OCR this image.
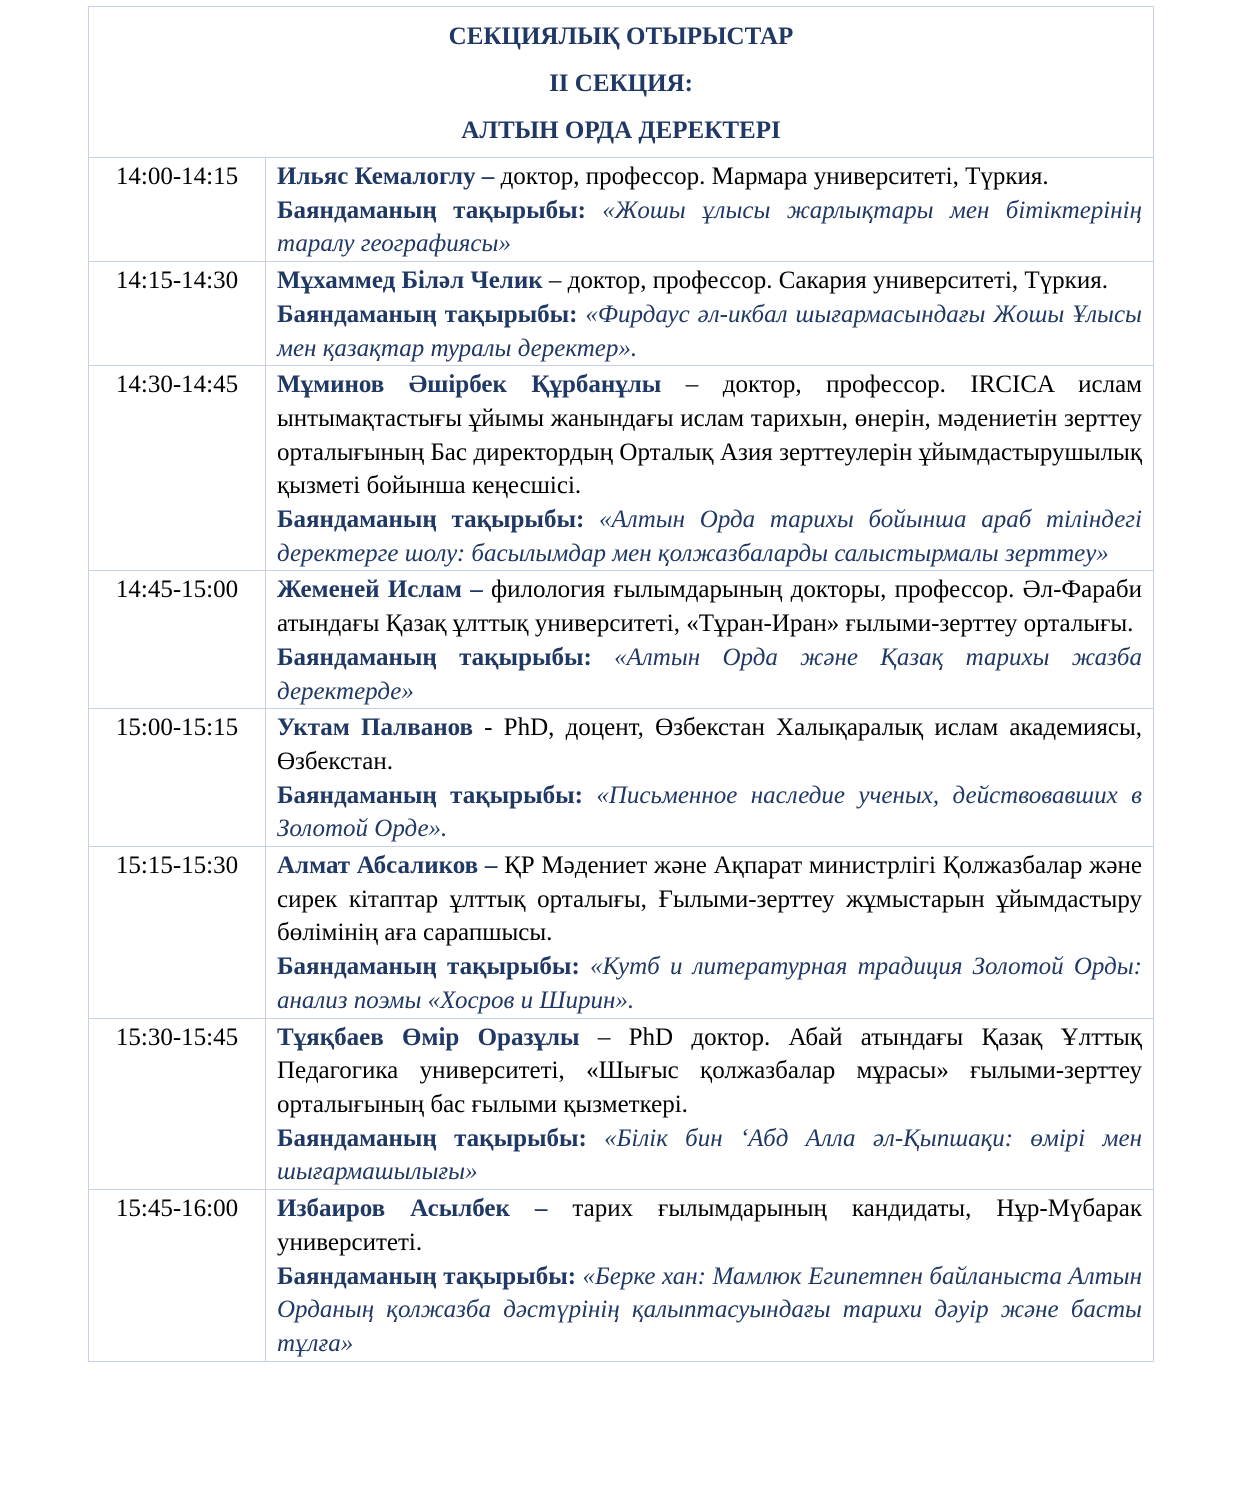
СЕКЦИЯЛЫҚ ОТЫРЫСТАР
II СЕКЦИЯ:
АЛТЫН ОРДА ДЕРЕКТЕРІ	

14:00-14:15	Ильяс Кемалоглу – доктор, профессор. Мармара университеті, Түркия.

Баяндаманың тақырыбы: «Жошы ұлысы жарлықтары мен бітіктерінің таралу географиясы»

14:15-14:30	Мұхаммед Біләл Челик – доктор, профессор. Сакария университеті, Түркия.

Баяндаманың тақырыбы: «Фирдаус әл-икбал шығармасындағы Жошы Ұлысы мен қазақтар туралы деректер».

14:30-14:45	Мұминов Әшірбек Құрбанұлы – доктор, профессор. IRCICA ислам ынтымақтастығы ұйымы жанындағы ислам тарихын, өнерін, мәдениетін зерттеу орталығының Бас директордың Орталық Азия зерттеулерін ұйымдастырушылық қызметі бойынша кеңесшісі.

Баяндаманың тақырыбы: «Алтын Орда тарихы бойынша араб тіліндегі деректерге шолу: басылымдар мен қолжазбаларды салыстырмалы зерттеу»

14:45-15:00	Жеменей Ислам – филология ғылымдарының докторы, профессор. Әл-Фараби атындағы Қазақ ұлттық университеті, «Тұран-Иран» ғылыми-зерттеу орталығы.

Баяндаманың тақырыбы: «Алтын Орда және Қазақ тарихы жазба деректерде»

15:00-15:15	Уктам Палванов - PhD, доцент, Өзбекстан Халықаралық ислам академиясы, Өзбекстан.

Баяндаманың тақырыбы: «Письменное наследие ученых, действовавших в Золотой Орде».

15:15-15:30	Алмат Абсаликов – ҚР Мәдениет және Ақпарат министрлігі Қолжазбалар және сирек кітаптар ұлттық орталығы, Ғылыми-зерттеу жұмыстарын ұйымдастыру бөлімінің аға сарапшысы.

Баяндаманың тақырыбы: «Кутб и литературная традиция Золотой Орды: анализ поэмы «Хосров и Ширин».

15:30-15:45	Тұяқбаев Өмір Оразұлы – PhD доктор. Абай атындағы Қазақ Ұлттық Педагогика университеті, «Шығыс қолжазбалар мұрасы» ғылыми-зерттеу орталығының бас ғылыми қызметкері.

Баяндаманың тақырыбы: «Білік бин ‘Абд Алла әл-Қыпшақи: өмірі мен шығармашылығы»

15:45-16:00	Избаиров Асылбек – тарих ғылымдарының кандидаты, Нұр-Мүбарак университеті.

Баяндаманың тақырыбы: «Берке хан: Мамлюк Египетпен байланыста Алтын Орданың қолжазба дәстүрінің қалыптасуындағы тарихи дәуір және басты тұлға»
